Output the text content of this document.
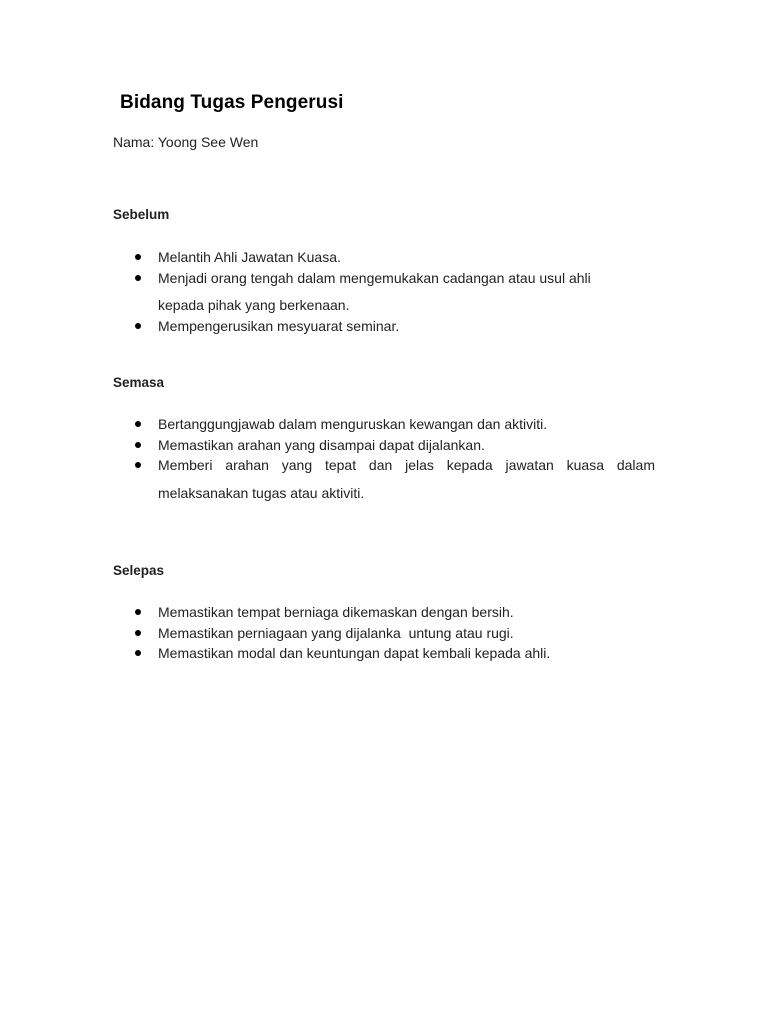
Bidang Tugas Pengerusi

Nama: Yoong See Wen

Sebelum
Melantih Ahli Jawatan Kuasa.
Menjadi orang tengah dalam mengemukakan cadangan atau usul ahli
kepada pihak yang berkenaan.
Mempengerusikan mesyuarat seminar.
Semasa
Bertanggungjawab dalam menguruskan kewangan dan aktiviti.
Memastikan arahan yang disampai dapat dijalankan.
Memberi arahan yang tepat dan jelas kepada jawatan kuasa dalam
melaksanakan tugas atau aktiviti.
Selepas
Memastikan tempat berniaga dikemaskan dengan bersih.
Memastikan perniagaan yang dijalanka  untung atau rugi.
Memastikan modal dan keuntungan dapat kembali kepada ahli.
